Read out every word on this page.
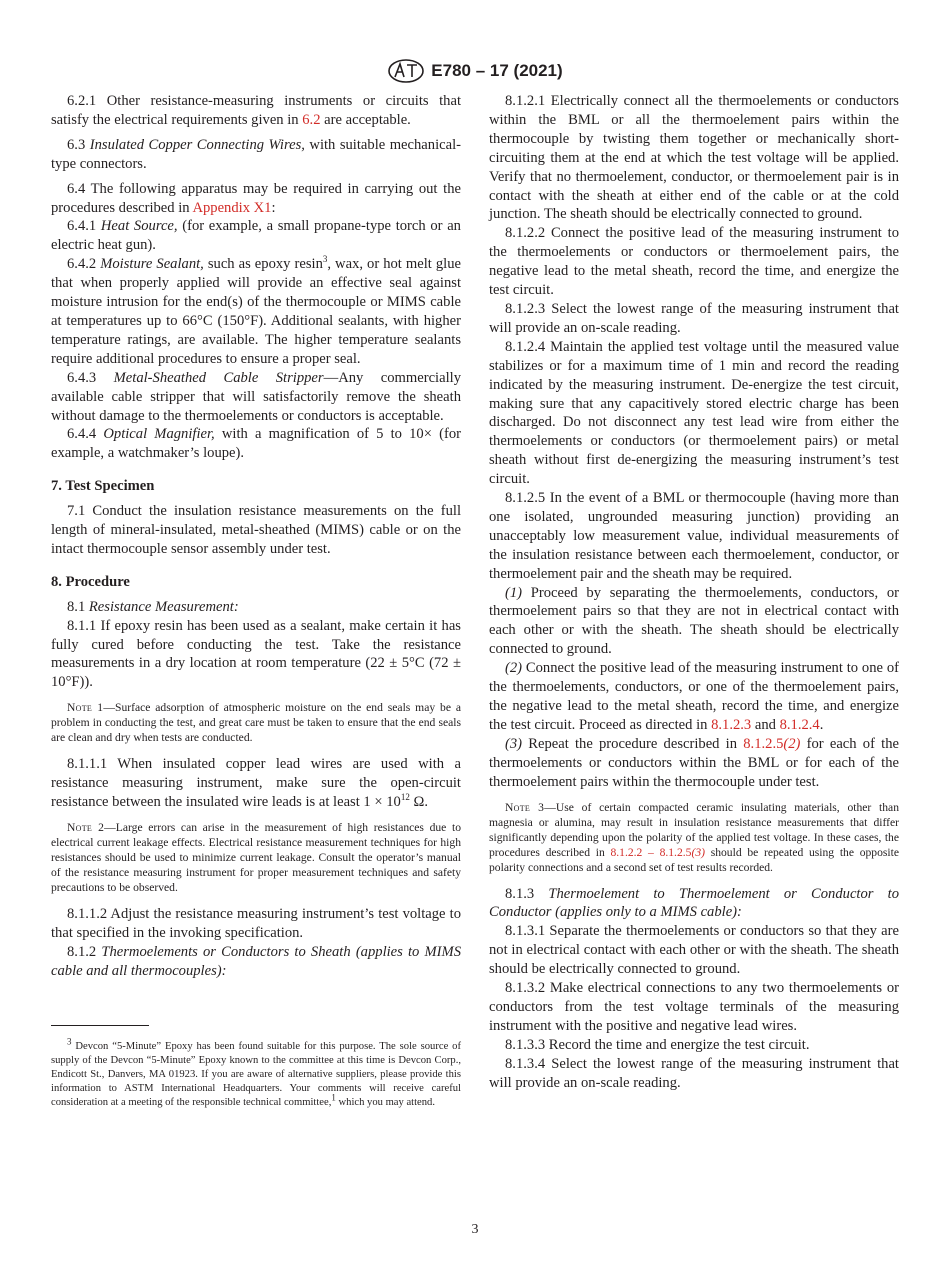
E780 – 17 (2021)

6.2.1 Other resistance-measuring instruments or circuits that satisfy the electrical requirements given in 6.2 are acceptable.

6.3 Insulated Copper Connecting Wires, with suitable mechanical-type connectors.

6.4 The following apparatus may be required in carrying out the procedures described in Appendix X1:

6.4.1 Heat Source, (for example, a small propane-type torch or an electric heat gun).

6.4.2 Moisture Sealant, such as epoxy resin$^3$, wax, or hot melt glue that when properly applied will provide an effective seal against moisture intrusion for the end(s) of the thermocouple or MIMS cable at temperatures up to 66°C (150°F). Additional sealants, with higher temperature ratings, are available. The higher temperature sealants require additional procedures to ensure a proper seal.

6.4.3 Metal-Sheathed Cable Stripper—Any commercially available cable stripper that will satisfactorily remove the sheath without damage to the thermoelements or conductors is acceptable.

6.4.4 Optical Magnifier, with a magnification of 5 to 10× (for example, a watchmaker’s loupe).

7. Test Specimen

7.1 Conduct the insulation resistance measurements on the full length of mineral-insulated, metal-sheathed (MIMS) cable or on the intact thermocouple sensor assembly under test.

8. Procedure

8.1 Resistance Measurement:

8.1.1 If epoxy resin has been used as a sealant, make certain it has fully cured before conducting the test. Take the resistance measurements in a dry location at room temperature (22 ± 5°C (72 ± 10°F)).

Note 1—Surface adsorption of atmospheric moisture on the end seals may be a problem in conducting the test, and great care must be taken to ensure that the end seals are clean and dry when tests are conducted.

8.1.1.1 When insulated copper lead wires are used with a resistance measuring instrument, make sure the open-circuit resistance between the insulated wire leads is at least $1 \times 10^{12}$ Ω.

Note 2—Large errors can arise in the measurement of high resistances due to electrical current leakage effects. Electrical resistance measurement techniques for high resistances should be used to minimize current leakage. Consult the operator’s manual of the resistance measuring instrument for proper measurement techniques and safety precautions to be observed.

8.1.1.2 Adjust the resistance measuring instrument’s test voltage to that specified in the invoking specification.

8.1.2 Thermoelements or Conductors to Sheath (applies to MIMS cable and all thermocouples):

$^3$ Devcon “5-Minute” Epoxy has been found suitable for this purpose. The sole source of supply of the Devcon “5-Minute” Epoxy known to the committee at this time is Devcon Corp., Endicott St., Danvers, MA 01923. If you are aware of alternative suppliers, please provide this information to ASTM International Headquarters. Your comments will receive careful consideration at a meeting of the responsible technical committee,$^1$ which you may attend.

8.1.2.1 Electrically connect all the thermoelements or conductors within the BML or all the thermoelement pairs within the thermocouple by twisting them together or mechanically short-circuiting them at the end at which the test voltage will be applied. Verify that no thermoelement, conductor, or thermoelement pair is in contact with the sheath at either end of the cable or at the cold junction. The sheath should be electrically connected to ground.

8.1.2.2 Connect the positive lead of the measuring instrument to the thermoelements or conductors or thermoelement pairs, the negative lead to the metal sheath, record the time, and energize the test circuit.

8.1.2.3 Select the lowest range of the measuring instrument that will provide an on-scale reading.

8.1.2.4 Maintain the applied test voltage until the measured value stabilizes or for a maximum time of 1 min and record the reading indicated by the measuring instrument. De-energize the test circuit, making sure that any capacitively stored electric charge has been discharged. Do not disconnect any test lead wire from either the thermoelements or conductors (or thermoelement pairs) or metal sheath without first de-energizing the measuring instrument’s test circuit.

8.1.2.5 In the event of a BML or thermocouple (having more than one isolated, ungrounded measuring junction) providing an unacceptably low measurement value, individual measurements of the insulation resistance between each thermoelement, conductor, or thermoelement pair and the sheath may be required.

(1) Proceed by separating the thermoelements, conductors, or thermoelement pairs so that they are not in electrical contact with each other or with the sheath. The sheath should be electrically connected to ground.

(2) Connect the positive lead of the measuring instrument to one of the thermoelements, conductors, or one of the thermoelement pairs, the negative lead to the metal sheath, record the time, and energize the test circuit. Proceed as directed in 8.1.2.3 and 8.1.2.4.

(3) Repeat the procedure described in 8.1.2.5(2) for each of the thermoelements or conductors within the BML or for each of the thermoelement pairs within the thermocouple under test.

Note 3—Use of certain compacted ceramic insulating materials, other than magnesia or alumina, may result in insulation resistance measurements that differ significantly depending upon the polarity of the applied test voltage. In these cases, the procedures described in 8.1.2.2 – 8.1.2.5(3) should be repeated using the opposite polarity connections and a second set of test results recorded.

8.1.3 Thermoelement to Thermoelement or Conductor to Conductor (applies only to a MIMS cable):

8.1.3.1 Separate the thermoelements or conductors so that they are not in electrical contact with each other or with the sheath. The sheath should be electrically connected to ground.

8.1.3.2 Make electrical connections to any two thermoelements or conductors from the test voltage terminals of the measuring instrument with the positive and negative lead wires.

8.1.3.3 Record the time and energize the test circuit.

8.1.3.4 Select the lowest range of the measuring instrument that will provide an on-scale reading.

3
